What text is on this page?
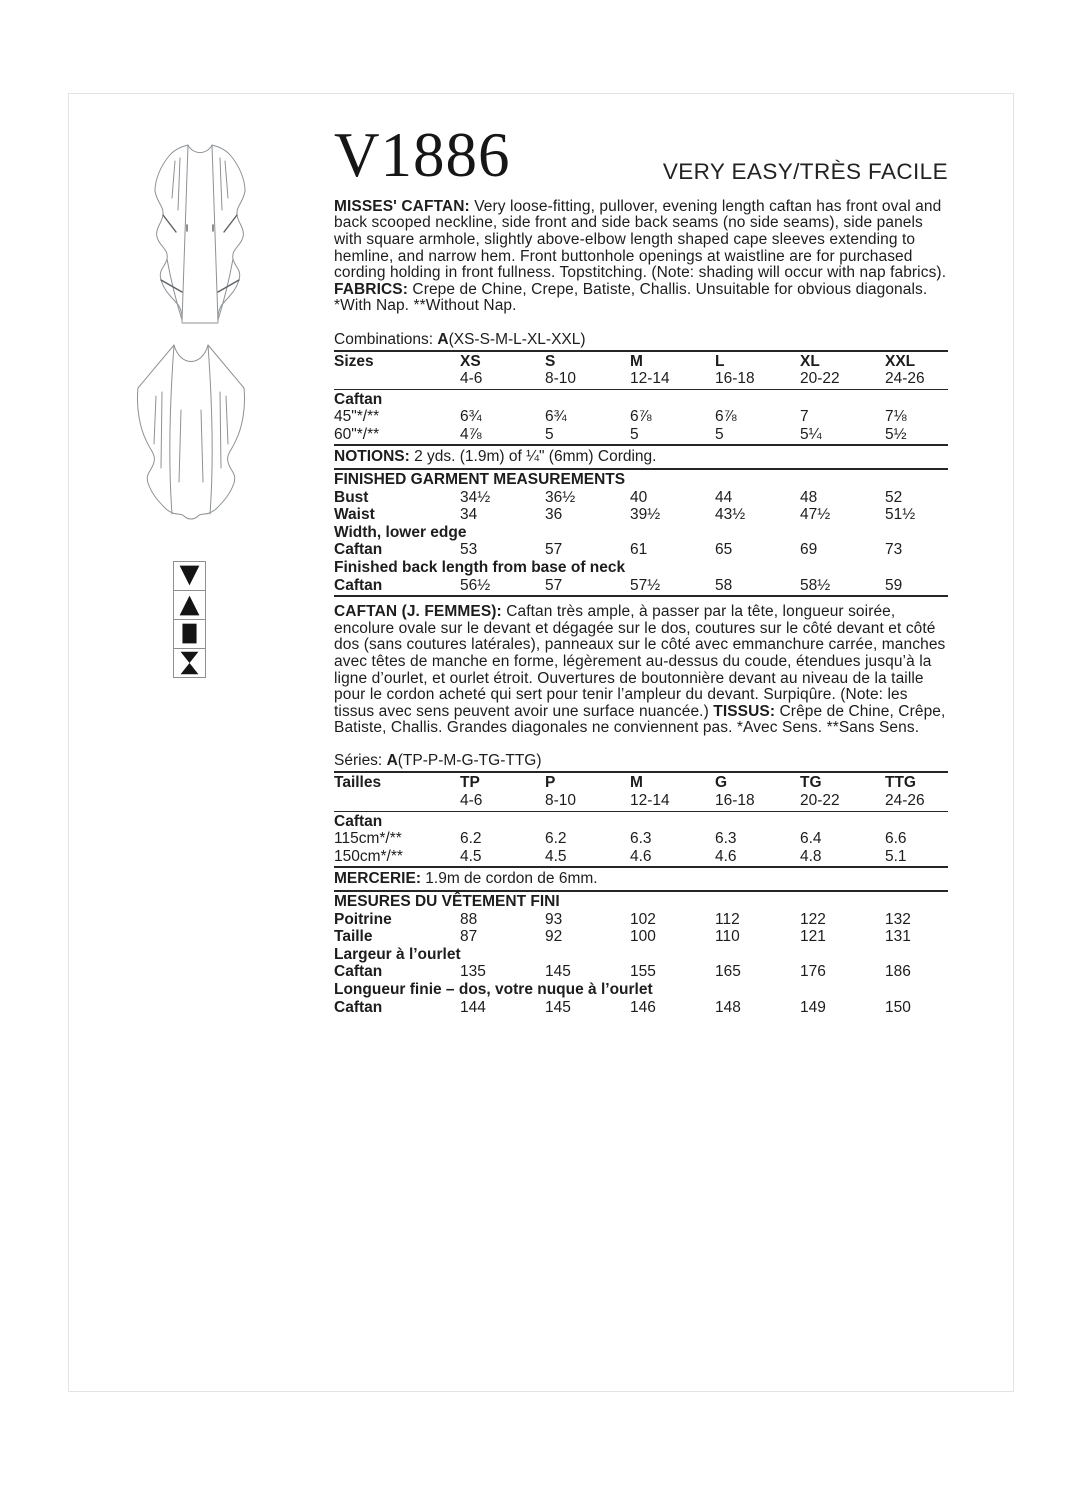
V1886	VERY EASY/TRÈS FACILE

MISSES' CAFTAN: Very loose-fitting, pullover, evening length caftan has front oval and back scooped neckline, side front and side back seams (no side seams), side panels with square armhole, slightly above-elbow length shaped cape sleeves extending to hemline, and narrow hem. Front buttonhole openings at waistline are for purchased cording holding in front fullness. Topstitching. (Note: shading will occur with nap fabrics). FABRICS: Crepe de Chine, Crepe, Batiste, Challis. Unsuitable for obvious diagonals. *With Nap. **Without Nap.

Combinations: A(XS-S-M-L-XL-XXL)
Sizes	XS	S	M	L	XL	XXL
	4-6	8-10	12-14	16-18	20-22	24-26
Caftan						
45"*/**	6¾	6¾	6⅞	6⅞	7	7⅛
60"*/**	4⅞	5	5	5	5¼	5½
NOTIONS: 2 yds. (1.9m) of ¼" (6mm) Cording.
FINISHED GARMENT MEASUREMENTS
Bust	34½	36½	40	44	48	52
Waist	34	36	39½	43½	47½	51½
Width, lower edge						
Caftan	53	57	61	65	69	73
Finished back length from base of neck						
Caftan	56½	57	57½	58	58½	59

CAFTAN (J. FEMMES): Caftan très ample, à passer par la tête, longueur soirée, encolure ovale sur le devant et dégagée sur le dos, coutures sur le côté devant et côté dos (sans coutures latérales), panneaux sur le côté avec emmanchure carrée, manches avec têtes de manche en forme, légèrement au-dessus du coude, étendues jusqu’à la ligne d’ourlet, et ourlet étroit. Ouvertures de boutonnière devant au niveau de la taille pour le cordon acheté qui sert pour tenir l’ampleur du devant. Surpiqûre. (Note: les tissus avec sens peuvent avoir une surface nuancée.) TISSUS: Crêpe de Chine, Crêpe, Batiste, Challis. Grandes diagonales ne conviennent pas. *Avec Sens. **Sans Sens.

Séries: A(TP-P-M-G-TG-TTG)
Tailles	TP	P	M	G	TG	TTG
	4-6	8-10	12-14	16-18	20-22	24-26
Caftan						
115cm*/**	6.2	6.2	6.3	6.3	6.4	6.6
150cm*/**	4.5	4.5	4.6	4.6	4.8	5.1
MERCERIE: 1.9m de cordon de 6mm.
MESURES DU VÊTEMENT FINI
Poitrine	88	93	102	112	122	132
Taille	87	92	100	110	121	131
Largeur à l’ourlet						
Caftan	135	145	155	165	176	186
Longueur finie – dos, votre nuque à l’ourlet						
Caftan	144	145	146	148	149	150
